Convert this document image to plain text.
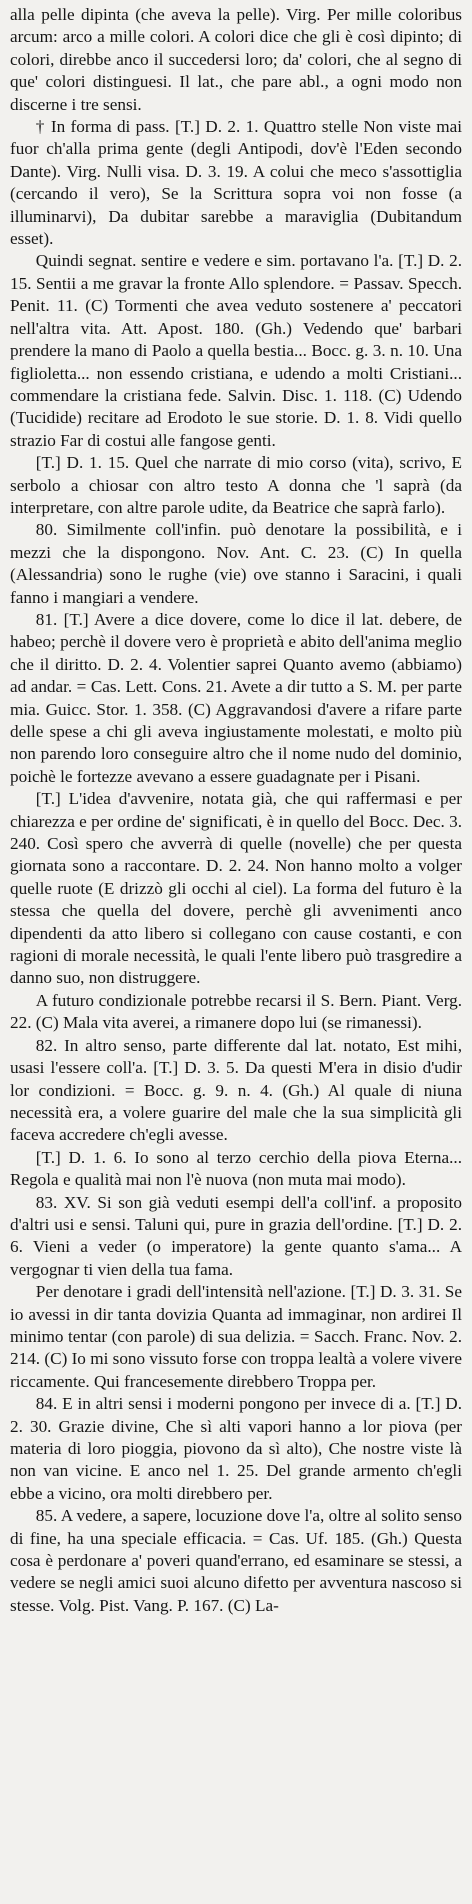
alla pelle dipinta (che aveva la pelle). Virg. Per mille coloribus arcum: arco a mille colori. A colori dice che gli è così dipinto; di colori, direbbe anco il succedersi loro; da' colori, che al segno di que' colori distinguesi. Il lat., che pare abl., a ogni modo non discerne i tre sensi.

† In forma di pass. [T.] D. 2. 1. Quattro stelle Non viste mai fuor ch'alla prima gente (degli Antipodi, dov'è l'Eden secondo Dante). Virg. Nulli visa. D. 3. 19. A colui che meco s'assottiglia (cercando il vero), Se la Scrittura sopra voi non fosse (a illuminarvi), Da dubitar sarebbe a maraviglia (Dubitandum esset).

Quindi segnat. sentire e vedere e sim. portavano l'a. [T.] D. 2. 15. Sentii a me gravar la fronte Allo splendore. = Passav. Specch. Penit. 11. (C) Tormenti che avea veduto sostenere a' peccatori nell'altra vita. Att. Apost. 180. (Gh.) Vedendo que' barbari prendere la mano di Paolo a quella bestia... Bocc. g. 3. n. 10. Una figlioletta... non essendo cristiana, e udendo a molti Cristiani... commendare la cristiana fede. Salvin. Disc. 1. 118. (C) Udendo (Tucidide) recitare ad Erodoto le sue storie. D. 1. 8. Vidi quello strazio Far di costui alle fangose genti.

[T.] D. 1. 15. Quel che narrate di mio corso (vita), scrivo, E serbolo a chiosar con altro testo A donna che 'l saprà (da interpretare, con altre parole udite, da Beatrice che saprà farlo).

80. Similmente coll'infin. può denotare la possibilità, e i mezzi che la dispongono. Nov. Ant. C. 23. (C) In quella (Alessandria) sono le rughe (vie) ove stanno i Saracini, i quali fanno i mangiari a vendere.

81. [T.] Avere a dice dovere, come lo dice il lat. debere, de habeo; perchè il dovere vero è proprietà e abito dell'anima meglio che il diritto. D. 2. 4. Volentier saprei Quanto avemo (abbiamo) ad andar. = Cas. Lett. Cons. 21. Avete a dir tutto a S. M. per parte mia. Guicc. Stor. 1. 358. (C) Aggravandosi d'avere a rifare parte delle spese a chi gli aveva ingiustamente molestati, e molto più non parendo loro conseguire altro che il nome nudo del dominio, poichè le fortezze avevano a essere guadagnate per i Pisani.

[T.] L'idea d'avvenire, notata già, che qui raffermasi e per chiarezza e per ordine de' significati, è in quello del Bocc. Dec. 3. 240. Così spero che avverrà di quelle (novelle) che per questa giornata sono a raccontare. D. 2. 24. Non hanno molto a volger quelle ruote (E drizzò gli occhi al ciel). La forma del futuro è la stessa che quella del dovere, perchè gli avvenimenti anco dipendenti da atto libero si collegano con cause costanti, e con ragioni di morale necessità, le quali l'ente libero può trasgredire a danno suo, non distruggere.

A futuro condizionale potrebbe recarsi il S. Bern. Piant. Verg. 22. (C) Mala vita averei, a rimanere dopo lui (se rimanessi).

82. In altro senso, parte differente dal lat. notato, Est mihi, usasi l'essere coll'a. [T.] D. 3. 5. Da questi M'era in disio d'udir lor condizioni. = Bocc. g. 9. n. 4. (Gh.) Al quale di niuna necessità era, a volere guarire del male che la sua simplicità gli faceva accredere ch'egli avesse.

[T.] D. 1. 6. Io sono al terzo cerchio della piova Eterna... Regola e qualità mai non l'è nuova (non muta mai modo).

83. XV. Si son già veduti esempi dell'a coll'inf. a proposito d'altri usi e sensi. Taluni qui, pure in grazia dell'ordine. [T.] D. 2. 6. Vieni a veder (o imperatore) la gente quanto s'ama... A vergognar ti vien della tua fama.

Per denotare i gradi dell'intensità nell'azione. [T.] D. 3. 31. Se io avessi in dir tanta dovizia Quanta ad immaginar, non ardirei Il minimo tentar (con parole) di sua delizia. = Sacch. Franc. Nov. 2. 214. (C) Io mi sono vissuto forse con troppa lealtà a volere vivere riccamente. Qui francesemente direbbero Troppa per.

84. E in altri sensi i moderni pongono per invece di a. [T.] D. 2. 30. Grazie divine, Che sì alti vapori hanno a lor piova (per materia di loro pioggia, piovono da sì alto), Che nostre viste là non van vicine. E anco nel 1. 25. Del grande armento ch'egli ebbe a vicino, ora molti direbbero per.

85. A vedere, a sapere, locuzione dove l'a, oltre al solito senso di fine, ha una speciale efficacia. = Cas. Uf. 185. (Gh.) Questa cosa è perdonare a' poveri quand'errano, ed esaminare se stessi, a vedere se negli amici suoi alcuno difetto per avventura nascoso si stesse. Volg. Pist. Vang. P. 167. (C) La-
